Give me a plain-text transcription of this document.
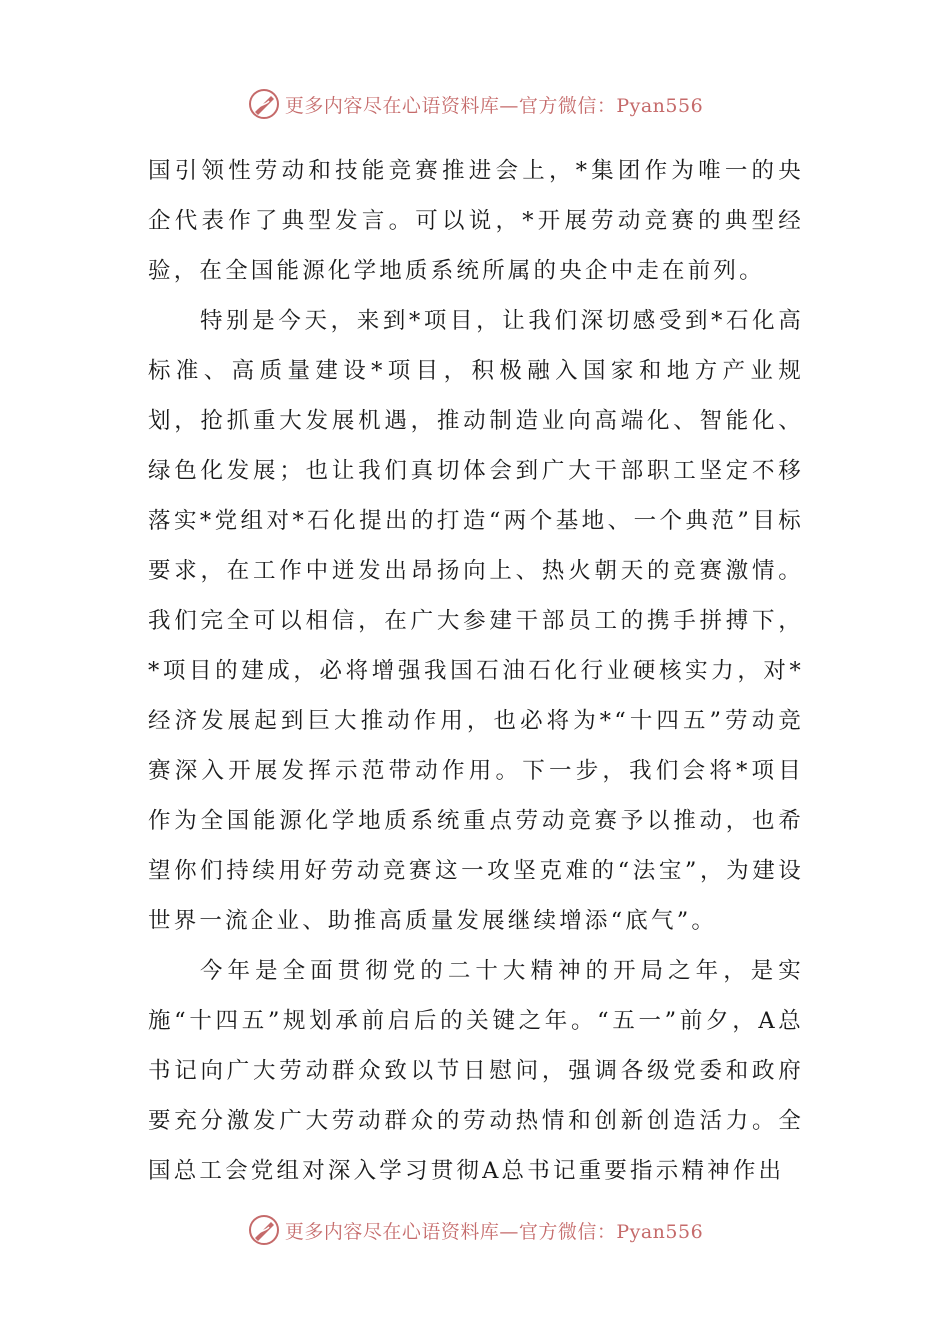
更多内容尽在心语资料库—官方微信：Pyan556

国引领性劳动和技能竞赛推进会上，*集团作为唯一的央企代表作了典型发言。可以说，*开展劳动竞赛的典型经验，在全国能源化学地质系统所属的央企中走在前列。

特别是今天，来到*项目，让我们深切感受到*石化高标准、高质量建设*项目，积极融入国家和地方产业规划，抢抓重大发展机遇，推动制造业向高端化、智能化、绿色化发展；也让我们真切体会到广大干部职工坚定不移落实*党组对*石化提出的打造“两个基地、一个典范”目标要求，在工作中迸发出昂扬向上、热火朝天的竞赛激情。我们完全可以相信，在广大参建干部员工的携手拼搏下，*项目的建成，必将增强我国石油石化行业硬核实力，对*经济发展起到巨大推动作用，也必将为*“十四五”劳动竞赛深入开展发挥示范带动作用。下一步，我们会将*项目作为全国能源化学地质系统重点劳动竞赛予以推动，也希望你们持续用好劳动竞赛这一攻坚克难的“法宝”，为建设世界一流企业、助推高质量发展继续增添“底气”。

今年是全面贯彻党的二十大精神的开局之年，是实施“十四五”规划承前启后的关键之年。“五一”前夕，A总书记向广大劳动群众致以节日慰问，强调各级党委和政府要充分激发广大劳动群众的劳动热情和创新创造活力。全国总工会党组对深入学习贯彻A总书记重要指示精神作出

更多内容尽在心语资料库—官方微信：Pyan556
